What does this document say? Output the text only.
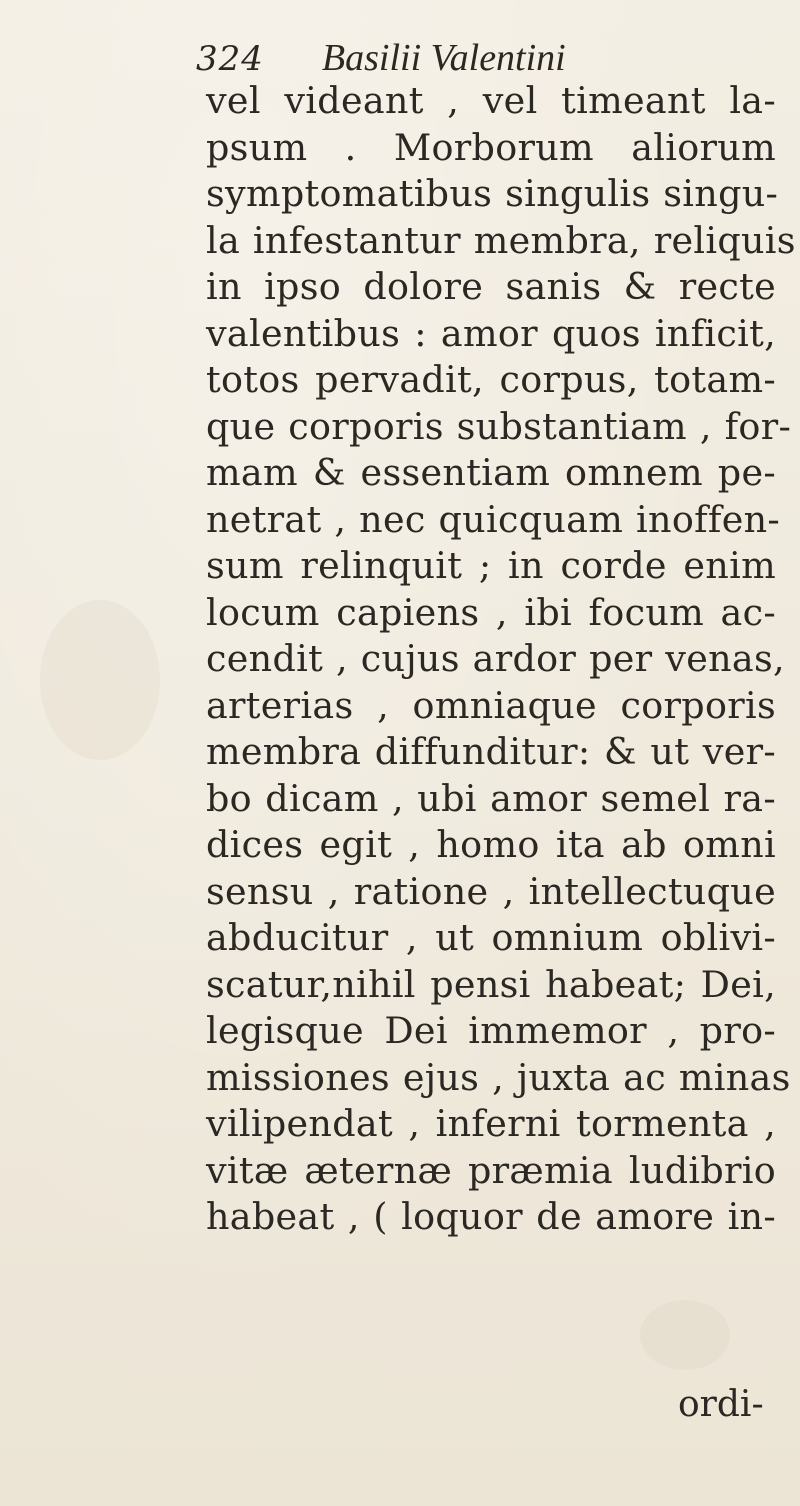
324 Basilii Valentini
vel videant , vel timeant la-
psum . Morborum aliorum
symptomatibus singulis singu-
la infestantur membra, reliquis
in ipso dolore sanis & recte
valentibus : amor quos inficit,
totos pervadit, corpus, totam-
que corporis substantiam , for-
mam & essentiam omnem pe-
netrat , nec quicquam inoffen-
sum relinquit ; in corde enim
locum capiens , ibi focum ac-
cendit , cujus ardor per venas,
arterias , omniaque corporis
membra diffunditur: & ut ver-
bo dicam , ubi amor semel ra-
dices egit , homo ita ab omni
sensu , ratione , intellectuque
abducitur , ut omnium oblivi-
scatur,nihil pensi habeat; Dei,
legisque Dei immemor , pro-
missiones ejus , juxta ac minas
vilipendat , inferni tormenta ,
vitæ æternæ præmia ludibrio
habeat , ( loquor de amore in-
ordi-
